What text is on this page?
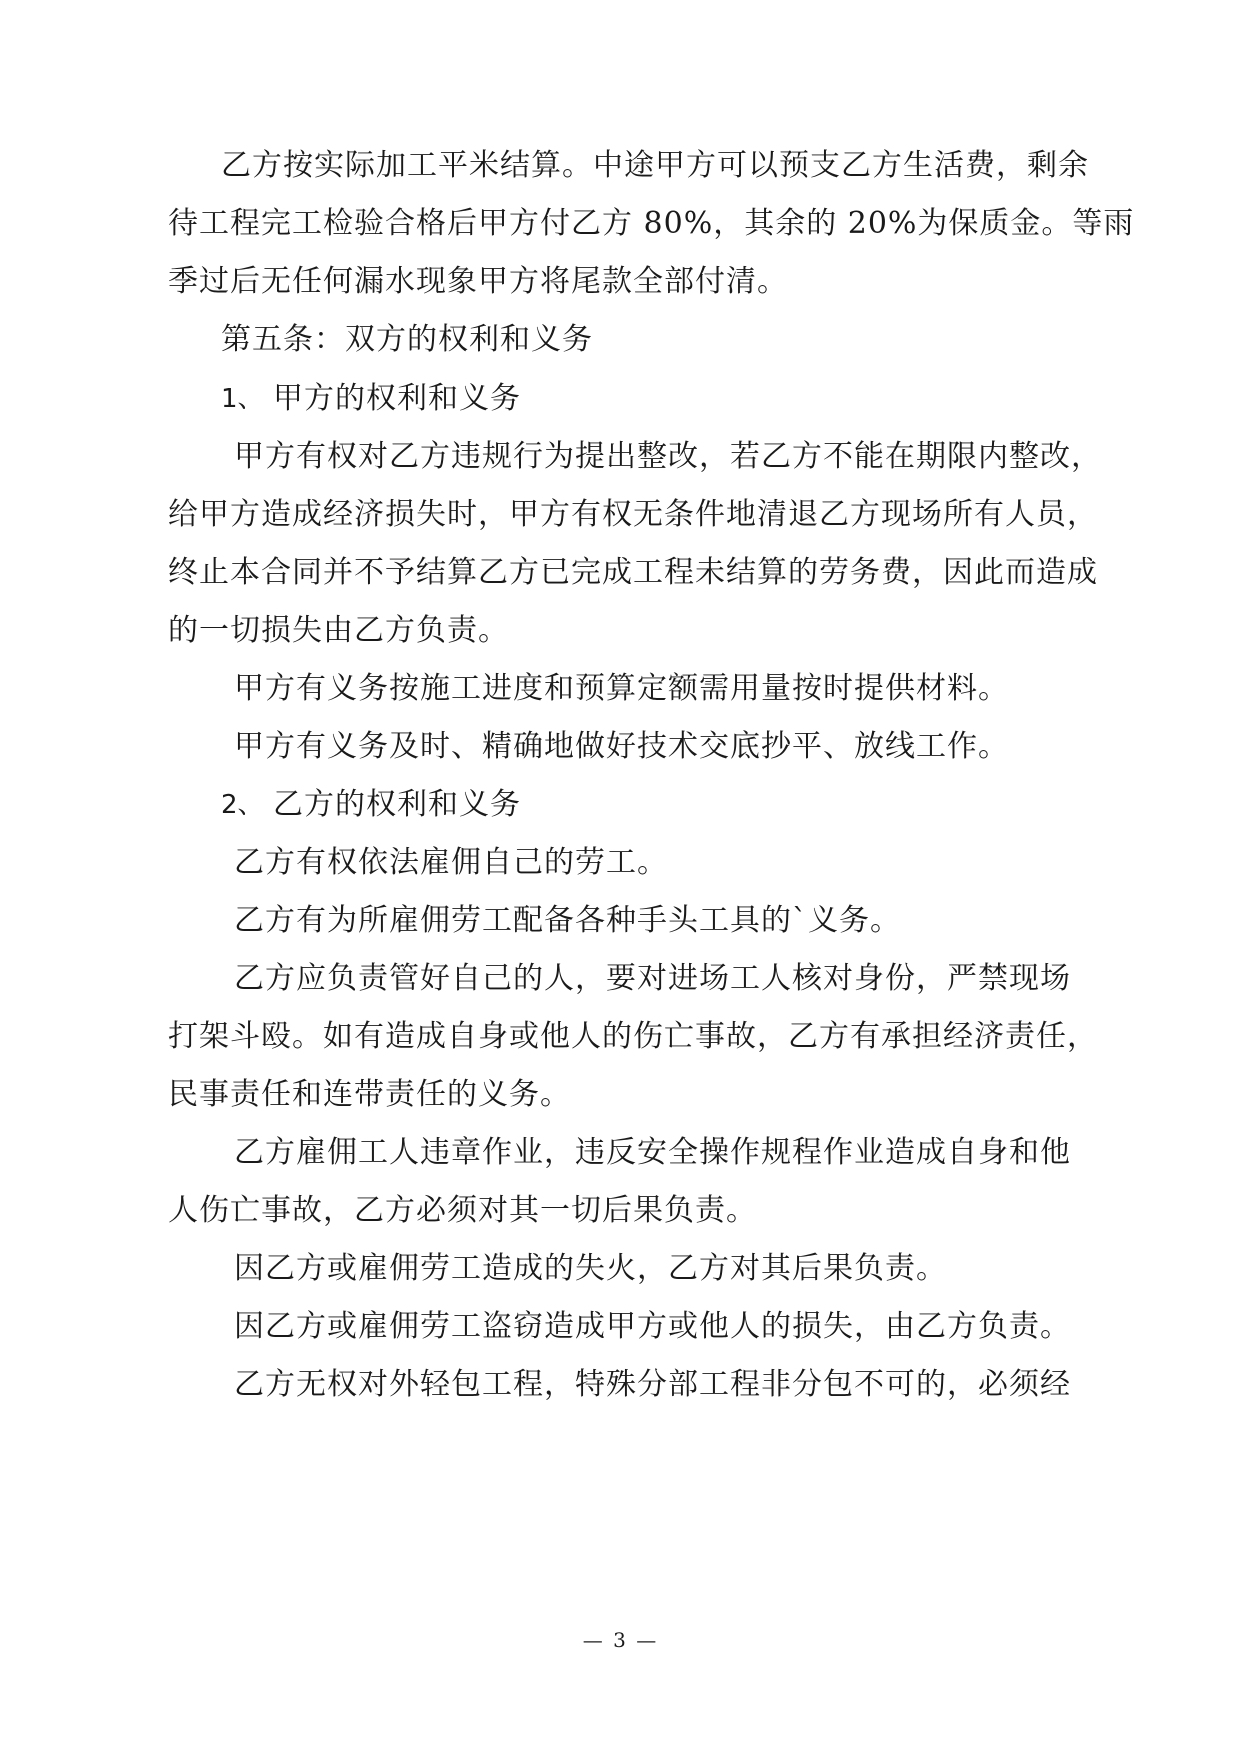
乙方按实际加工平米结算。中途甲方可以预支乙方生活费，剩余
待工程完工检验合格后甲方付乙方 80%，其余的 20%为保质金。等雨
季过后无任何漏水现象甲方将尾款全部付清。
第五条：双方的权利和义务
1、 甲方的权利和义务
甲方有权对乙方违规行为提出整改，若乙方不能在期限内整改，
给甲方造成经济损失时，甲方有权无条件地清退乙方现场所有人员，
终止本合同并不予结算乙方已完成工程未结算的劳务费，因此而造成
的一切损失由乙方负责。
甲方有义务按施工进度和预算定额需用量按时提供材料。
甲方有义务及时、精确地做好技术交底抄平、放线工作。
2、 乙方的权利和义务
乙方有权依法雇佣自己的劳工。
乙方有为所雇佣劳工配备各种手头工具的`义务。
乙方应负责管好自己的人，要对进场工人核对身份，严禁现场
打架斗殴。如有造成自身或他人的伤亡事故，乙方有承担经济责任，
民事责任和连带责任的义务。
乙方雇佣工人违章作业，违反安全操作规程作业造成自身和他
人伤亡事故，乙方必须对其一切后果负责。
因乙方或雇佣劳工造成的失火，乙方对其后果负责。
因乙方或雇佣劳工盗窃造成甲方或他人的损失，由乙方负责。
乙方无权对外轻包工程，特殊分部工程非分包不可的，必须经
— 3 —
